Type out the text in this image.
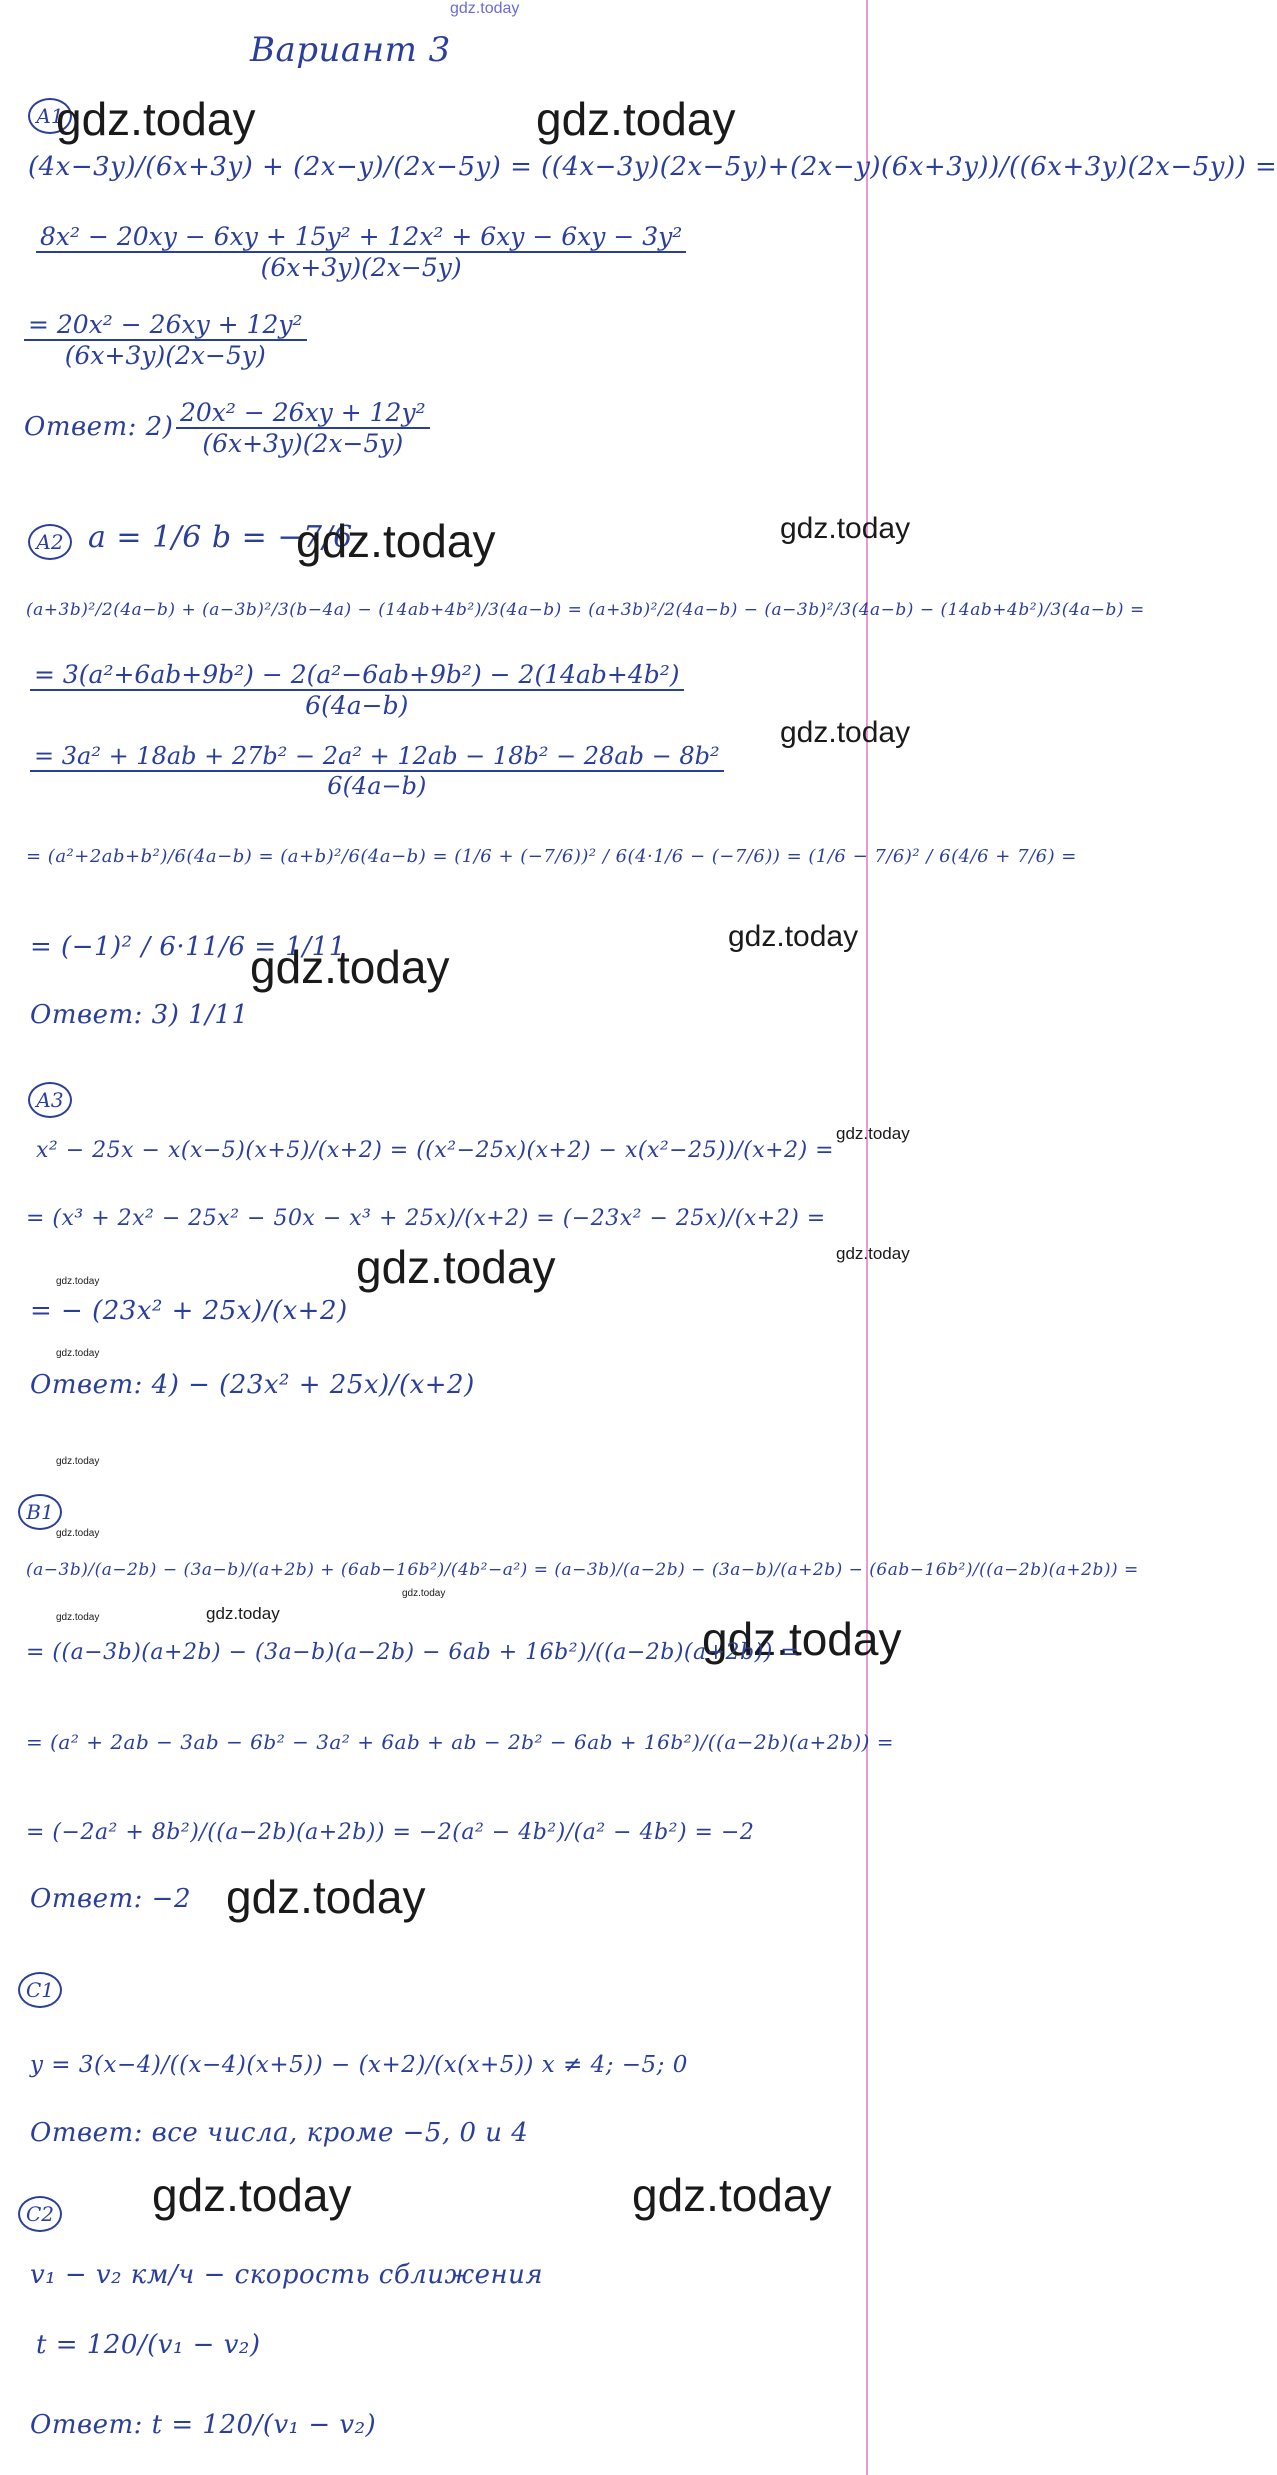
gdz.today
Вариант 3
A1
gdz.today	gdz.today
(4x−3y)/(6x+3y) + (2x−y)/(2x−5y) = ((4x−3y)(2x−5y)+(2x−y)(6x+3y))/((6x+3y)(2x−5y)) =
$\frac{\text{8x² − 20xy − 6xy + 15y² + 12x² + 6xy − 6xy − 3y²}}{(6x+3y)(2x-5y)}$
$\frac{\text{= 20x² − 26xy + 12y²}}{(6x+3y)(2x-5y)}$
Ответ: $2) \frac{\text{20x² − 26xy + 12y²}}{(6x+3y)(2x-5y)}$
A2 a = 1/6 b = −7/6
gdz.today	gdz.today
(a+3b)²/2(4a−b) + (a−3b)²/3(b−4a) − (14ab+4b²)/3(4a−b) = (a+3b)²/2(4a−b) − (a−3b)²/3(4a−b) − (14ab+4b²)/3(4a−b) =
$\frac{\text{= 3(a²+6ab+9b²) − 2(a²−6ab+9b²) − 2(14ab+4b²)}}{6(4a-b)}$
gdz.today
$\frac{\text{= 3a² + 18ab + 27b² − 2a² + 12ab − 18b² − 28ab − 8b²}}{6(4a-b)}$
= (a²+2ab+b²)/6(4a−b) = (a+b)²/6(4a−b) = (1/6 + (−7/6))² / 6(4·1/6 − (−7/6)) = (1/6 − 7/6)² / 6(4/6 + 7/6) =
= (−1)² / 6·11/6 = 1/11
gdz.today
gdz.today
Ответ: 3) 1/11
A3
x² − 25x − x(x−5)(x+5)/(x+2) = ((x²−25x)(x+2) − x(x²−25))/(x+2) =
gdz.today
= (x³ + 2x² − 25x² − 50x − x³ + 25x)/(x+2) = (−23x² − 25x)/(x+2) =
gdz.today	gdz.today
gdz.today
= − (23x² + 25x)/(x+2)
gdz.today
Ответ: 4) − (23x² + 25x)/(x+2)
gdz.today
B1
gdz.today
(a−3b)/(a−2b) − (3a−b)/(a+2b) + (6ab−16b²)/(4b²−a²) = (a−3b)/(a−2b) − (3a−b)/(a+2b) − (6ab−16b²)/((a−2b)(a+2b)) =
gdz.today	gdz.today
gdz.today
gdz.today
= ((a−3b)(a+2b) − (3a−b)(a−2b) − 6ab + 16b²)/((a−2b)(a+2b)) =
= (a² + 2ab − 3ab − 6b² − 3a² + 6ab + ab − 2b² − 6ab + 16b²)/((a−2b)(a+2b)) =
= (−2a² + 8b²)/((a−2b)(a+2b)) = −2(a² − 4b²)/(a² − 4b²) = −2
Ответ: −2 gdz.today
C1
y = 3(x−4)/((x−4)(x+5)) − (x+2)/(x(x+5)) x ≠ 4; −5; 0
Ответ: все числа, кроме −5, 0 и 4
gdz.today	gdz.today
C2
v₁ − v₂ км/ч − скорость сближения
t = 120/(v₁ − v₂)
Ответ: t = 120/(v₁ − v₂)
